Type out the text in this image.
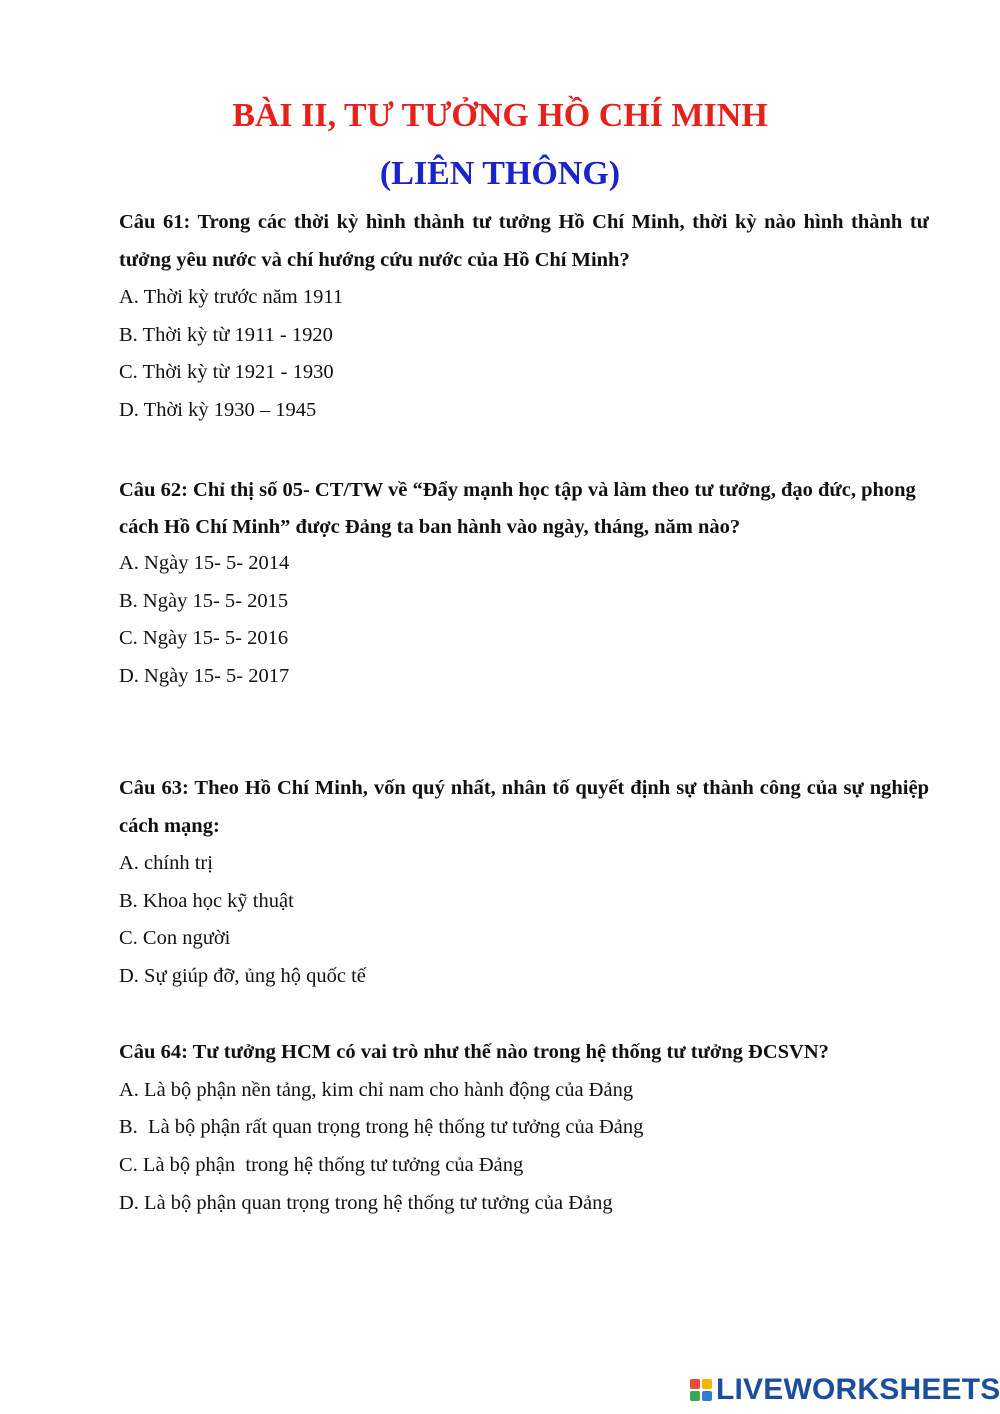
BÀI II, TƯ TƯỞNG HỒ CHÍ MINH
(LIÊN THÔNG)
Câu 61: Trong các thời kỳ hình thành tư tưởng Hồ Chí Minh, thời kỳ nào hình thành tư tưởng yêu nước và chí hướng cứu nước của Hồ Chí Minh?
A. Thời kỳ trước năm 1911
B. Thời kỳ từ 1911 - 1920
C. Thời kỳ từ 1921 - 1930
D. Thời kỳ 1930 – 1945
Câu 62: Chỉ thị số 05- CT/TW về “Đẩy mạnh học tập và làm theo tư tưởng, đạo đức, phong
cách Hồ Chí Minh” được Đảng ta ban hành vào ngày, tháng, năm nào?
A. Ngày 15- 5- 2014
B. Ngày 15- 5- 2015
C. Ngày 15- 5- 2016
D. Ngày 15- 5- 2017
Câu 63: Theo Hồ Chí Minh, vốn quý nhất, nhân tố quyết định sự thành công của sự nghiệp cách mạng:
A. chính trị
B. Khoa học kỹ thuật
C. Con người
D. Sự giúp đỡ, ủng hộ quốc tế
Câu 64: Tư tưởng HCM có vai trò như thế nào trong hệ thống tư tưởng ĐCSVN?
A. Là bộ phận nền tảng, kim chỉ nam cho hành động của Đảng
B.  Là bộ phận rất quan trọng trong hệ thống tư tưởng của Đảng
C. Là bộ phận  trong hệ thống tư tưởng của Đảng
D. Là bộ phận quan trọng trong hệ thống tư tưởng của Đảng
LIVEWORKSHEETS
